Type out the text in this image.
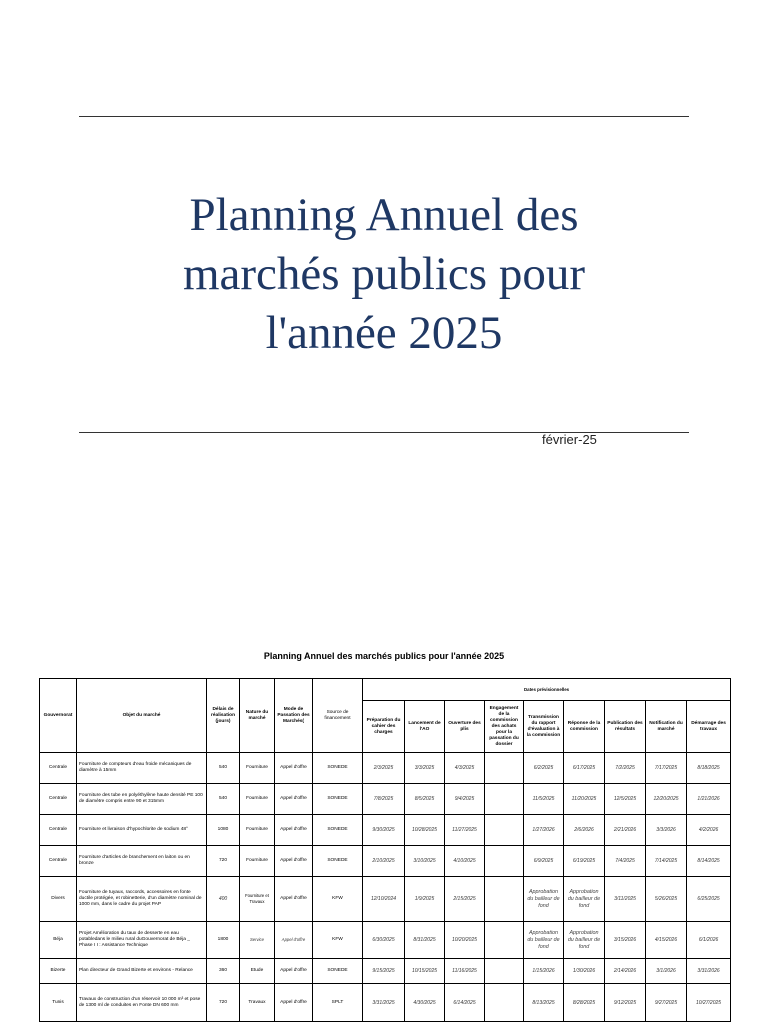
Planning Annuel des
marchés publics pour
l'année 2025
février-25
Planning Annuel des marchés publics pour l'année 2025
Gouvernorat	Objet du marché	Délais de réalisation (jours)	Nature du marché	Mode de Passation des Marchés(	Source de financement	Dates prévisionnelles								
						Préparation du cahier des charges	Lancement de l'AO	Ouverture des plis	Engagement de la commission des achats pour la passation du dossier	Transmission du rapport d'évaluation à la commission	Réponse de la commission	Publication des résultats	Notification du marché	Démarrage des travaux
Centrale	Fourniture de compteurs d'eau froide mécaniques de diamètre à 15mm	540	Fourniture	Appel d'offre	SONEDE	2/3/2025	3/3/2025	4/3/2025		6/2/2025	6/17/2025	7/2/2025	7/17/2025	8/18/2025
Centrale	Fourniture des tube en polyéthylène haute densité PE 100 de diamètre compris entre 90 et 315mm	540	Fourniture	Appel d'offre	SONEDE	7/8/2025	8/5/2025	9/4/2025		11/5/2025	11/20/2025	12/5/2025	12/20/2025	1/21/2026
Centrale	Fourniture et livraison d'hypochlorite de sodium 48°	1080	Fourniture	Appel d'offre	SONEDE	9/30/2025	10/28/2025	11/27/2025		1/27/2026	2/6/2026	2/21/2026	3/3/2026	4/2/2026
Centrale	Fourniture d'articles de branchement en laiton ou en bronze	720	Fourniture	Appel d'offre	SONEDE	2/10/2025	3/10/2025	4/10/2025		6/9/2025	6/19/2025	7/4/2025	7/14/2025	8/14/2025
Divers	Fourniture de tuyaux, raccords, accessoires en fonte ductile protégée, et robinetterie, d'un diamètre nominal de 1000 mm, dans le cadre du projet PAP	400	Fourniture et Travaux	Appel d'offre	KFW	12/10/2024	1/9/2025	2/15/2025		Approbation du bailleur de fond	Approbation du bailleur de fond	3/11/2025	5/26/2025	6/25/2025
Béja	Projet Amélioration du taux de desserte en eau potabledans le milieu rural duGouvernorat de Béja _ Phase I I : Assistance Technique	1800	Service	Appel d'offre	KFW	6/30/2025	8/31/2025	10/20/2025		Approbation du bailleur de fond	Approbation du bailleur de fond	3/15/2026	4/15/2026	6/1/2026
Bizerte	Plan directeur de Grand Bizerte et environs - Relance	360	Etude	Appel d'offre	SONEDE	9/15/2025	10/15/2025	11/16/2025		1/15/2026	1/30/2026	2/14/2026	3/1/2026	3/31/2026
Tunis	Travaux de construction d'un réservoir 10 000 m³ et pose de 1300 ml de conduites en Fonte DN 600 mm	720	Travaux	Appel d'offre	SPLT	3/31/2025	4/30/2025	6/14/2025		8/13/2025	8/28/2025	9/12/2025	9/27/2025	10/27/2025
